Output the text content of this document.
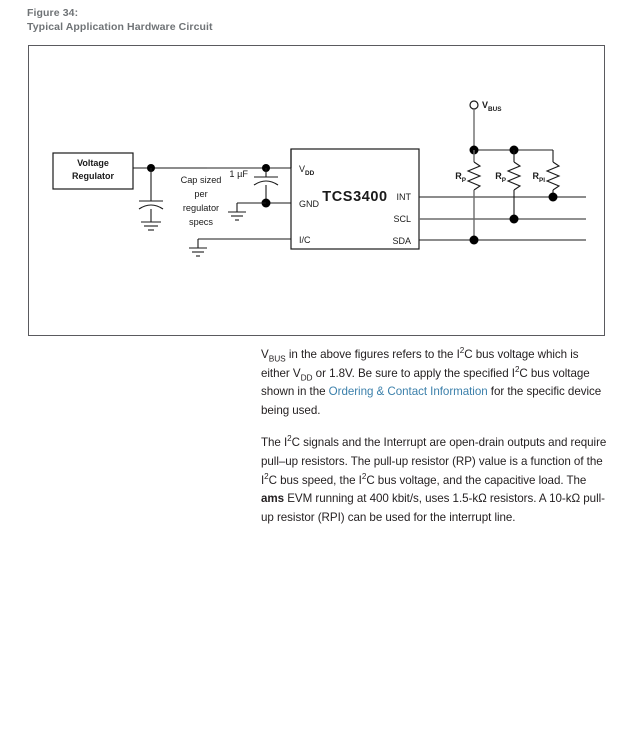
Figure 34:
Typical Application Hardware Circuit
Voltage
Regulator	Cap sized
per
regulator
specs
1 µF
TCS3400
$V_{DD}$
GND
I/C
INT
SCL
SDA
$V_{BUS}$
$R_P$	$R_P$	$R_{PI}$

$V_{BUS}$ in the above figures refers to the $I^2C$ bus voltage which is either $V_{DD}$ or 1.8V. Be sure to apply the specified $I^2C$ bus voltage shown in the Ordering & Contact Information for the specific device being used.

The $I^2C$ signals and the Interrupt are open-drain outputs and require pull–up resistors. The pull-up resistor (RP) value is a function of the $I^2C$ bus speed, the $I^2C$ bus voltage, and the capacitive load. The ams EVM running at 400 kbit/s, uses 1.5-kΩ resistors. A 10-kΩ pull-up resistor (RPI) can be used for the interrupt line.
